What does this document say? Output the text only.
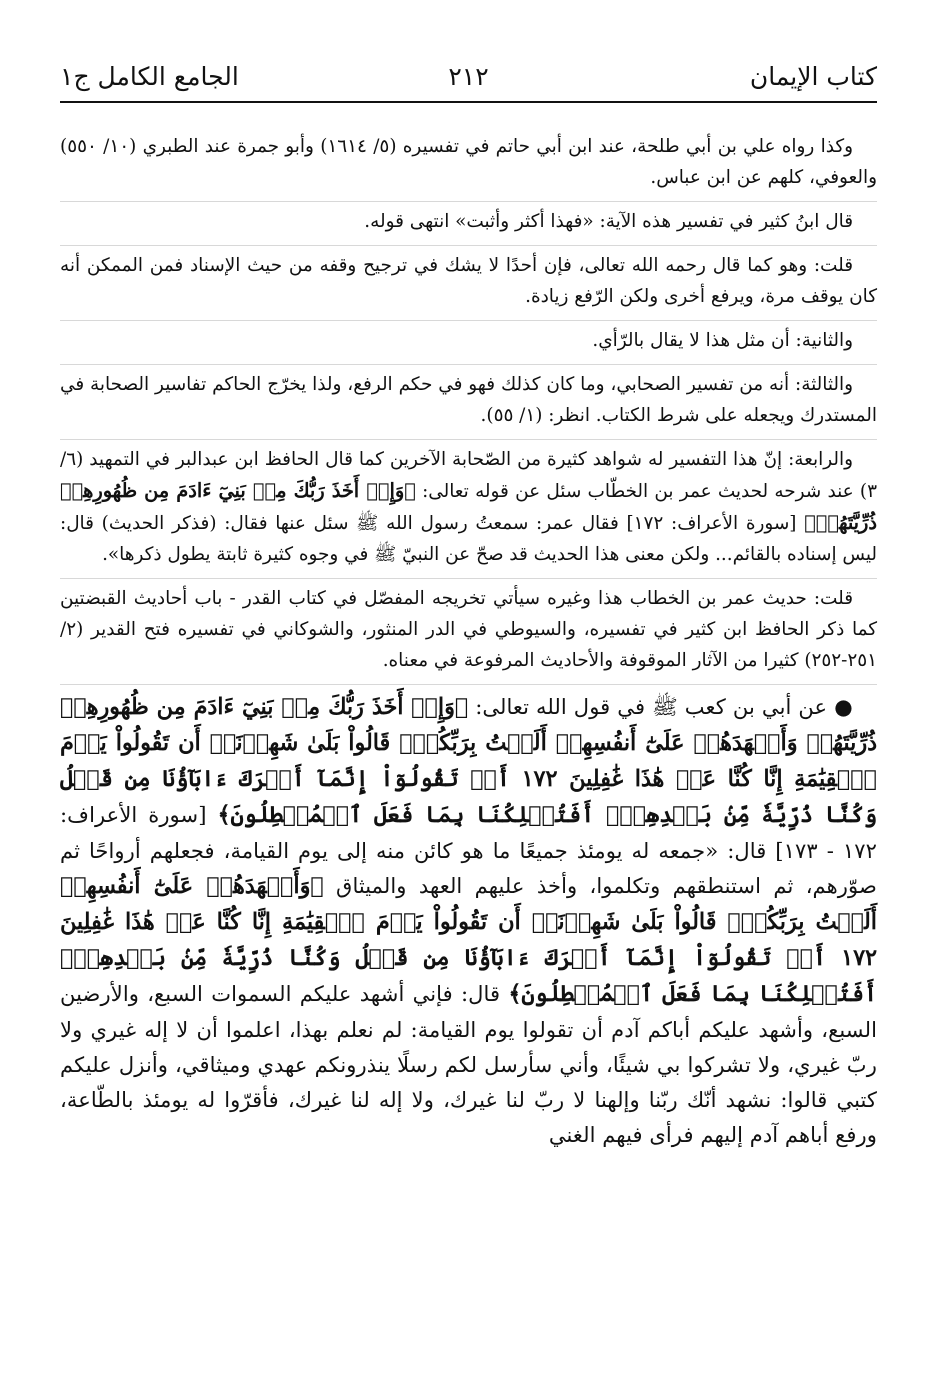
كتاب الإيمان
٢١٢
الجامع الكامل ج١

وكذا رواه علي بن أبي طلحة، عند ابن أبي حاتم في تفسيره (٥/ ١٦١٤) وأبو جمرة عند الطبري (١٠/ ٥٥٠) والعوفي، كلهم عن ابن عباس.

قال ابنُ كثير في تفسير هذه الآية: «فهذا أكثر وأثبت» انتهى قوله.

قلت: وهو كما قال رحمه الله تعالى، فإن أحدًا لا يشك في ترجيح وقفه من حيث الإسناد فمن الممكن أنه كان يوقف مرة، ويرفع أخرى ولكن الرّفع زيادة.

والثانية: أن مثل هذا لا يقال بالرّأي.

والثالثة: أنه من تفسير الصحابي، وما كان كذلك فهو في حكم الرفع، ولذا يخرّج الحاكم تفاسير الصحابة في المستدرك ويجعله على شرط الكتاب. انظر: (١/ ٥٥).

والرابعة: إنّ هذا التفسير له شواهد كثيرة من الصّحابة الآخرين كما قال الحافظ ابن عبدالبر في التمهيد (٦/ ٣) عند شرحه لحديث عمر بن الخطّاب سئل عن قوله تعالى: ﴿وَإِذۡ أَخَذَ رَبُّكَ مِنۢ بَنِيٓ ءَادَمَ مِن ظُهُورِهِمۡ ذُرِّيَّتَهُمۡ﴾ [سورة الأعراف: ١٧٢] فقال عمر: سمعتُ رسول الله ﷺ سئل عنها فقال: (فذكر الحديث) قال: ليس إسناده بالقائم... ولكن معنى هذا الحديث قد صحّ عن النبيّ ﷺ في وجوه كثيرة ثابتة يطول ذكرها».

قلت: حديث عمر بن الخطاب هذا وغيره سيأتي تخريجه المفصّل في كتاب القدر - باب أحاديث القبضتين كما ذكر الحافظ ابن كثير في تفسيره، والسيوطي في الدر المنثور، والشوكاني في تفسيره فتح القدير (٢/ ٢٥١-٢٥٢) كثيرا من الآثار الموقوفة والأحاديث المرفوعة في معناه.

● عن أبي بن كعب ﷺ في قول الله تعالى: ﴿وَإِذۡ أَخَذَ رَبُّكَ مِنۢ بَنِيٓ ءَادَمَ مِن ظُهُورِهِمۡ ذُرِّيَّتَهُمۡ وَأَشۡهَدَهُمۡ عَلَىٰٓ أَنفُسِهِمۡ أَلَسۡتُ بِرَبِّكُمۡۖ قَالُواْ بَلَىٰ شَهِدۡنَآۚ أَن تَقُولُواْ يَوۡمَ ٱلۡقِيَٰمَةِ إِنَّا كُنَّا عَنۡ هَٰذَا غَٰفِلِينَ ١٧٢ أَوۡ تَقُولُوٓاْ إِنَّمَآ أَشۡرَكَ ءَابَآؤُنَا مِن قَبۡلُ وَكُنَّا ذُرِّيَّةٗ مِّنۢ بَعۡدِهِمۡۖ أَفَتُهۡلِكُنَا بِمَا فَعَلَ ٱلۡمُبۡطِلُونَ﴾ [سورة الأعراف: ١٧٢ - ١٧٣] قال: «جمعه له يومئذ جميعًا ما هو كائن منه إلى يوم القيامة، فجعلهم أرواحًا ثم صوّرهم، ثم استنطقهم وتكلموا، وأخذ عليهم العهد والميثاق ﴿وَأَشۡهَدَهُمۡ عَلَىٰٓ أَنفُسِهِمۡ أَلَسۡتُ بِرَبِّكُمۡۖ قَالُواْ بَلَىٰ شَهِدۡنَآۚ أَن تَقُولُواْ يَوۡمَ ٱلۡقِيَٰمَةِ إِنَّا كُنَّا عَنۡ هَٰذَا غَٰفِلِينَ ١٧٢ أَوۡ تَقُولُوٓاْ إِنَّمَآ أَشۡرَكَ ءَابَآؤُنَا مِن قَبۡلُ وَكُنَّا ذُرِّيَّةٗ مِّنۢ بَعۡدِهِمۡۖ أَفَتُهۡلِكُنَا بِمَا فَعَلَ ٱلۡمُبۡطِلُونَ﴾ قال: فإني أشهد عليكم السموات السبع، والأرضين السبع، وأشهد عليكم أباكم آدم أن تقولوا يوم القيامة: لم نعلم بهذا، اعلموا أن لا إله غيري ولا ربّ غيري، ولا تشركوا بي شيئًا، وأني سأرسل لكم رسلًا ينذرونكم عهدي وميثاقي، وأنزل عليكم كتبي قالوا: نشهد أنّك ربّنا وإلهنا لا ربّ لنا غيرك، ولا إله لنا غيرك، فأقرّوا له يومئذ بالطّاعة، ورفع أباهم آدم إليهم فرأى فيهم الغني
